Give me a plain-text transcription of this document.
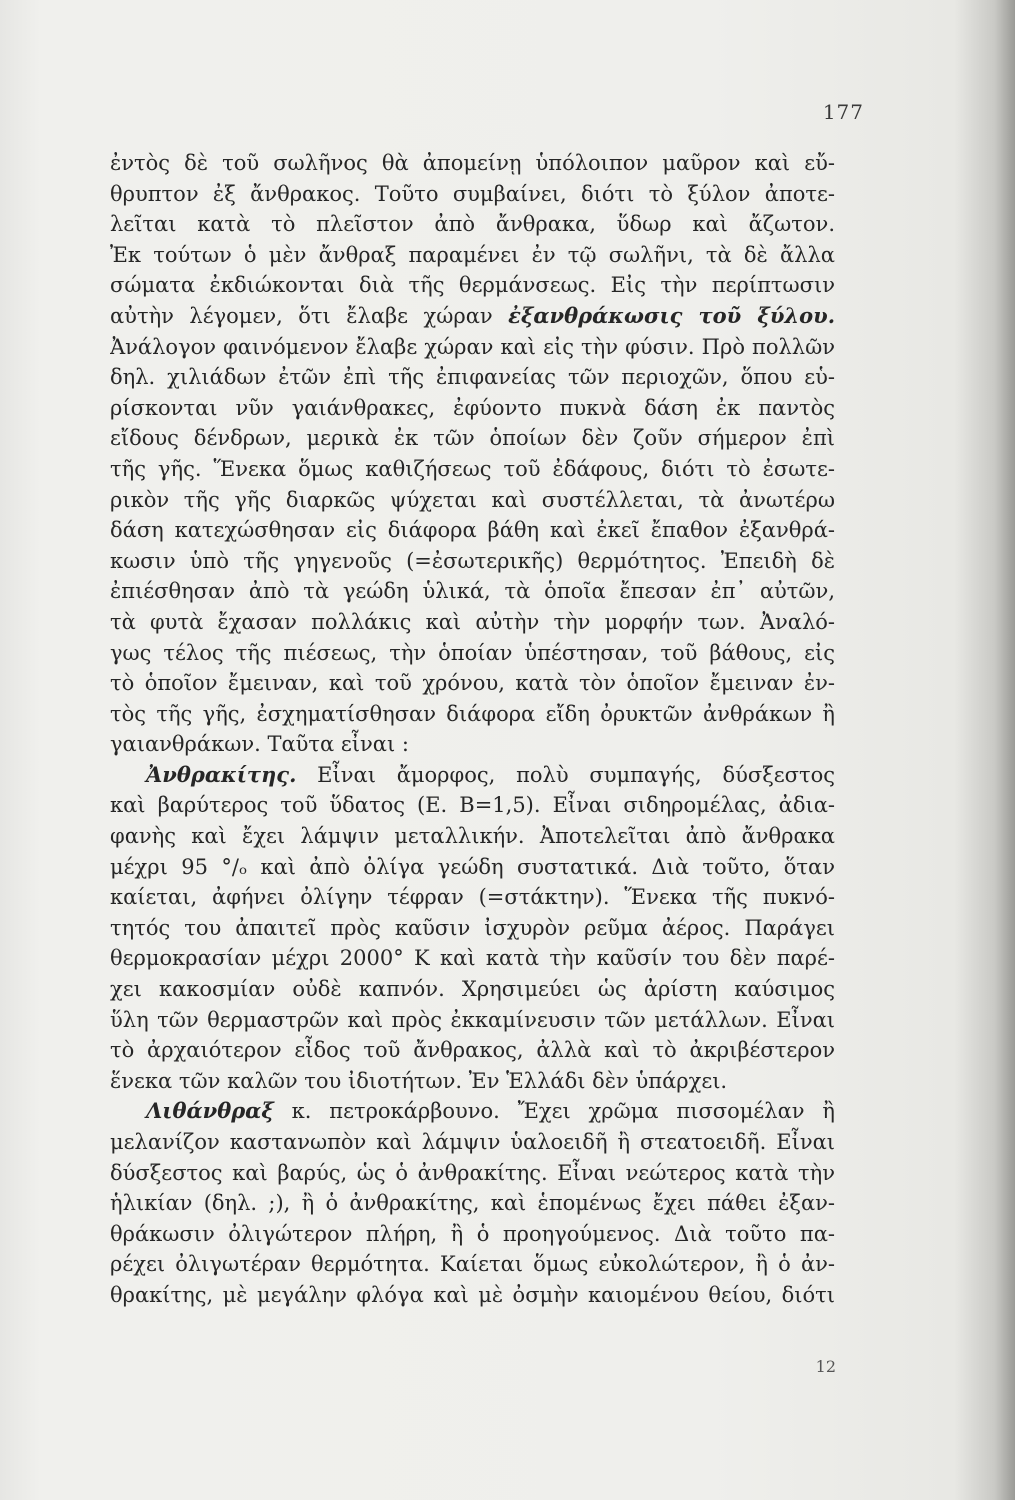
177
ἐντὸς δὲ τοῦ σωλῆνος θὰ ἀπομείνῃ ὑπόλοιπον μαῦρον καὶ εὔ-
θρυπτον ἐξ ἄνθρακος. Τοῦτο συμβαίνει, διότι τὸ ξύλον ἀποτε-
λεῖται κατὰ τὸ πλεῖστον ἀπὸ ἄνθρακα, ὕδωρ καὶ ἄζωτον.
Ἐκ τούτων ὁ μὲν ἄνθραξ παραμένει ἐν τῷ σωλῆνι, τὰ δὲ ἄλλα
σώματα ἐκδιώκονται διὰ τῆς θερμάνσεως. Εἰς τὴν περίπτωσιν
αὐτὴν λέγομεν, ὅτι ἔλαβε χώραν ἐξανθράκωσις τοῦ ξύλου.
Ἀνάλογον φαινόμενον ἔλαβε χώραν καὶ εἰς τὴν φύσιν. Πρὸ πολλῶν
δηλ. χιλιάδων ἐτῶν ἐπὶ τῆς ἐπιφανείας τῶν περιοχῶν, ὅπου εὑ-
ρίσκονται νῦν γαιάνθρακες, ἐφύοντο πυκνὰ δάση ἐκ παντὸς
εἴδους δένδρων, μερικὰ ἐκ τῶν ὁποίων δὲν ζοῦν σήμερον ἐπὶ
τῆς γῆς. Ἕνεκα ὅμως καθιζήσεως τοῦ ἐδάφους, διότι τὸ ἐσωτε-
ρικὸν τῆς γῆς διαρκῶς ψύχεται καὶ συστέλλεται, τὰ ἀνωτέρω
δάση κατεχώσθησαν εἰς διάφορα βάθη καὶ ἐκεῖ ἔπαθον ἐξανθρά-
κωσιν ὑπὸ τῆς γηγενοῦς (=ἐσωτερικῆς) θερμότητος. Ἐπειδὴ δὲ
ἐπιέσθησαν ἀπὸ τὰ γεώδη ὑλικά, τὰ ὁποῖα ἔπεσαν ἐπ᾽ αὐτῶν,
τὰ φυτὰ ἔχασαν πολλάκις καὶ αὐτὴν τὴν μορφήν των. Ἀναλό-
γως τέλος τῆς πιέσεως, τὴν ὁποίαν ὑπέστησαν, τοῦ βάθους, εἰς
τὸ ὁποῖον ἔμειναν, καὶ τοῦ χρόνου, κατὰ τὸν ὁποῖον ἔμειναν ἐν-
τὸς τῆς γῆς, ἐσχηματίσθησαν διάφορα εἴδη ὀρυκτῶν ἀνθράκων ἢ
γαιανθράκων. Ταῦτα εἶναι :
Ἀνθρακίτης. Εἶναι ἄμορφος, πολὺ συμπαγής, δύσξεστος
καὶ βαρύτερος τοῦ ὕδατος (Ε. Β=1,5). Εἶναι σιδηρομέλας, ἀδια-
φανὴς καὶ ἔχει λάμψιν μεταλλικήν. Ἀποτελεῖται ἀπὸ ἄνθρακα
μέχρι 95 °/ₒ καὶ ἀπὸ ὀλίγα γεώδη συστατικά. Διὰ τοῦτο, ὅταν
καίεται, ἀφήνει ὀλίγην τέφραν (=στάκτην). Ἕνεκα τῆς πυκνό-
τητός του ἀπαιτεῖ πρὸς καῦσιν ἰσχυρὸν ρεῦμα ἀέρος. Παράγει
θερμοκρασίαν μέχρι 2000° Κ καὶ κατὰ τὴν καῦσίν του δὲν παρέ-
χει κακοσμίαν οὐδὲ καπνόν. Χρησιμεύει ὡς ἀρίστη καύσιμος
ὕλη τῶν θερμαστρῶν καὶ πρὸς ἐκκαμίνευσιν τῶν μετάλλων. Εἶναι
τὸ ἀρχαιότερον εἶδος τοῦ ἄνθρακος, ἀλλὰ καὶ τὸ ἀκριβέστερον
ἕνεκα τῶν καλῶν του ἰδιοτήτων. Ἐν Ἑλλάδι δὲν ὑπάρχει.
Λιθάνθραξ κ. πετροκάρβουνο. Ἔχει χρῶμα πισσομέλαν ἢ
μελανίζον καστανωπὸν καὶ λάμψιν ὑαλοειδῆ ἢ στεατοειδῆ. Εἶναι
δύσξεστος καὶ βαρύς, ὡς ὁ ἀνθρακίτης. Εἶναι νεώτερος κατὰ τὴν
ἡλικίαν (δηλ. ;), ἢ ὁ ἀνθρακίτης, καὶ ἑπομένως ἔχει πάθει ἐξαν-
θράκωσιν ὀλιγώτερον πλήρη, ἢ ὁ προηγούμενος. Διὰ τοῦτο πα-
ρέχει ὀλιγωτέραν θερμότητα. Καίεται ὅμως εὐκολώτερον, ἢ ὁ ἀν-
θρακίτης, μὲ μεγάλην φλόγα καὶ μὲ ὀσμὴν καιομένου θείου, διότι
12
